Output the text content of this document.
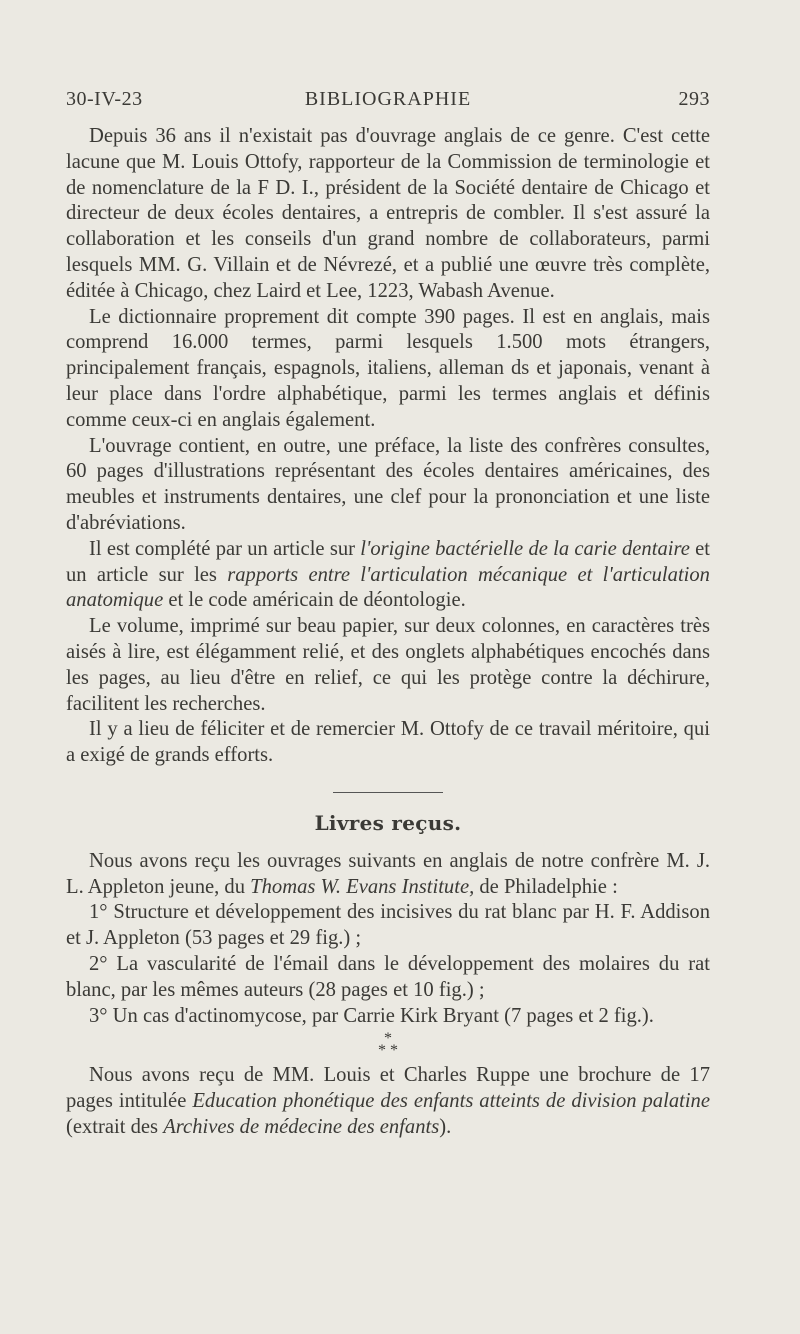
30-IV-23	BIBLIOGRAPHIE	293

Depuis 36 ans il n'existait pas d'ouvrage anglais de ce genre. C'est cette lacune que M. Louis Ottofy, rapporteur de la Commission de terminologie et de nomenclature de la F D. I., président de la Société dentaire de Chicago et directeur de deux écoles dentaires, a entrepris de combler. Il s'est assuré la collaboration et les conseils d'un grand nombre de collaborateurs, parmi lesquels MM. G. Villain et de Névrezé, et a publié une œuvre très complète, éditée à Chicago, chez Laird et Lee, 1223, Wabash Avenue.

Le dictionnaire proprement dit compte 390 pages. Il est en anglais, mais comprend 16.000 termes, parmi lesquels 1.500 mots étrangers, principalement français, espagnols, italiens, alleman ds et japonais, venant à leur place dans l'ordre alphabétique, parmi les termes anglais et définis comme ceux-ci en anglais également.

L'ouvrage contient, en outre, une préface, la liste des confrères consultes, 60 pages d'illustrations représentant des écoles dentaires américaines, des meubles et instruments dentaires, une clef pour la prononciation et une liste d'abréviations.

Il est complété par un article sur l'origine bactérielle de la carie dentaire et un article sur les rapports entre l'articulation mécanique et l'articulation anatomique et le code américain de déontologie.

Le volume, imprimé sur beau papier, sur deux colonnes, en caractères très aisés à lire, est élégamment relié, et des onglets alphabétiques encochés dans les pages, au lieu d'être en relief, ce qui les protège contre la déchirure, facilitent les recherches.

Il y a lieu de féliciter et de remercier M. Ottofy de ce travail méritoire, qui a exigé de grands efforts.

Livres reçus.

Nous avons reçu les ouvrages suivants en anglais de notre confrère M. J. L. Appleton jeune, du Thomas W. Evans Institute, de Philadelphie :

1° Structure et développement des incisives du rat blanc par H. F. Addison et J. Appleton (53 pages et 29 fig.) ;

2° La vascularité de l'émail dans le développement des molaires du rat blanc, par les mêmes auteurs (28 pages et 10 fig.) ;

3° Un cas d'actinomycose, par Carrie Kirk Bryant (7 pages et 2 fig.).

*
* *

Nous avons reçu de MM. Louis et Charles Ruppe une brochure de 17 pages intitulée Education phonétique des enfants atteints de division palatine (extrait des Archives de médecine des enfants).
